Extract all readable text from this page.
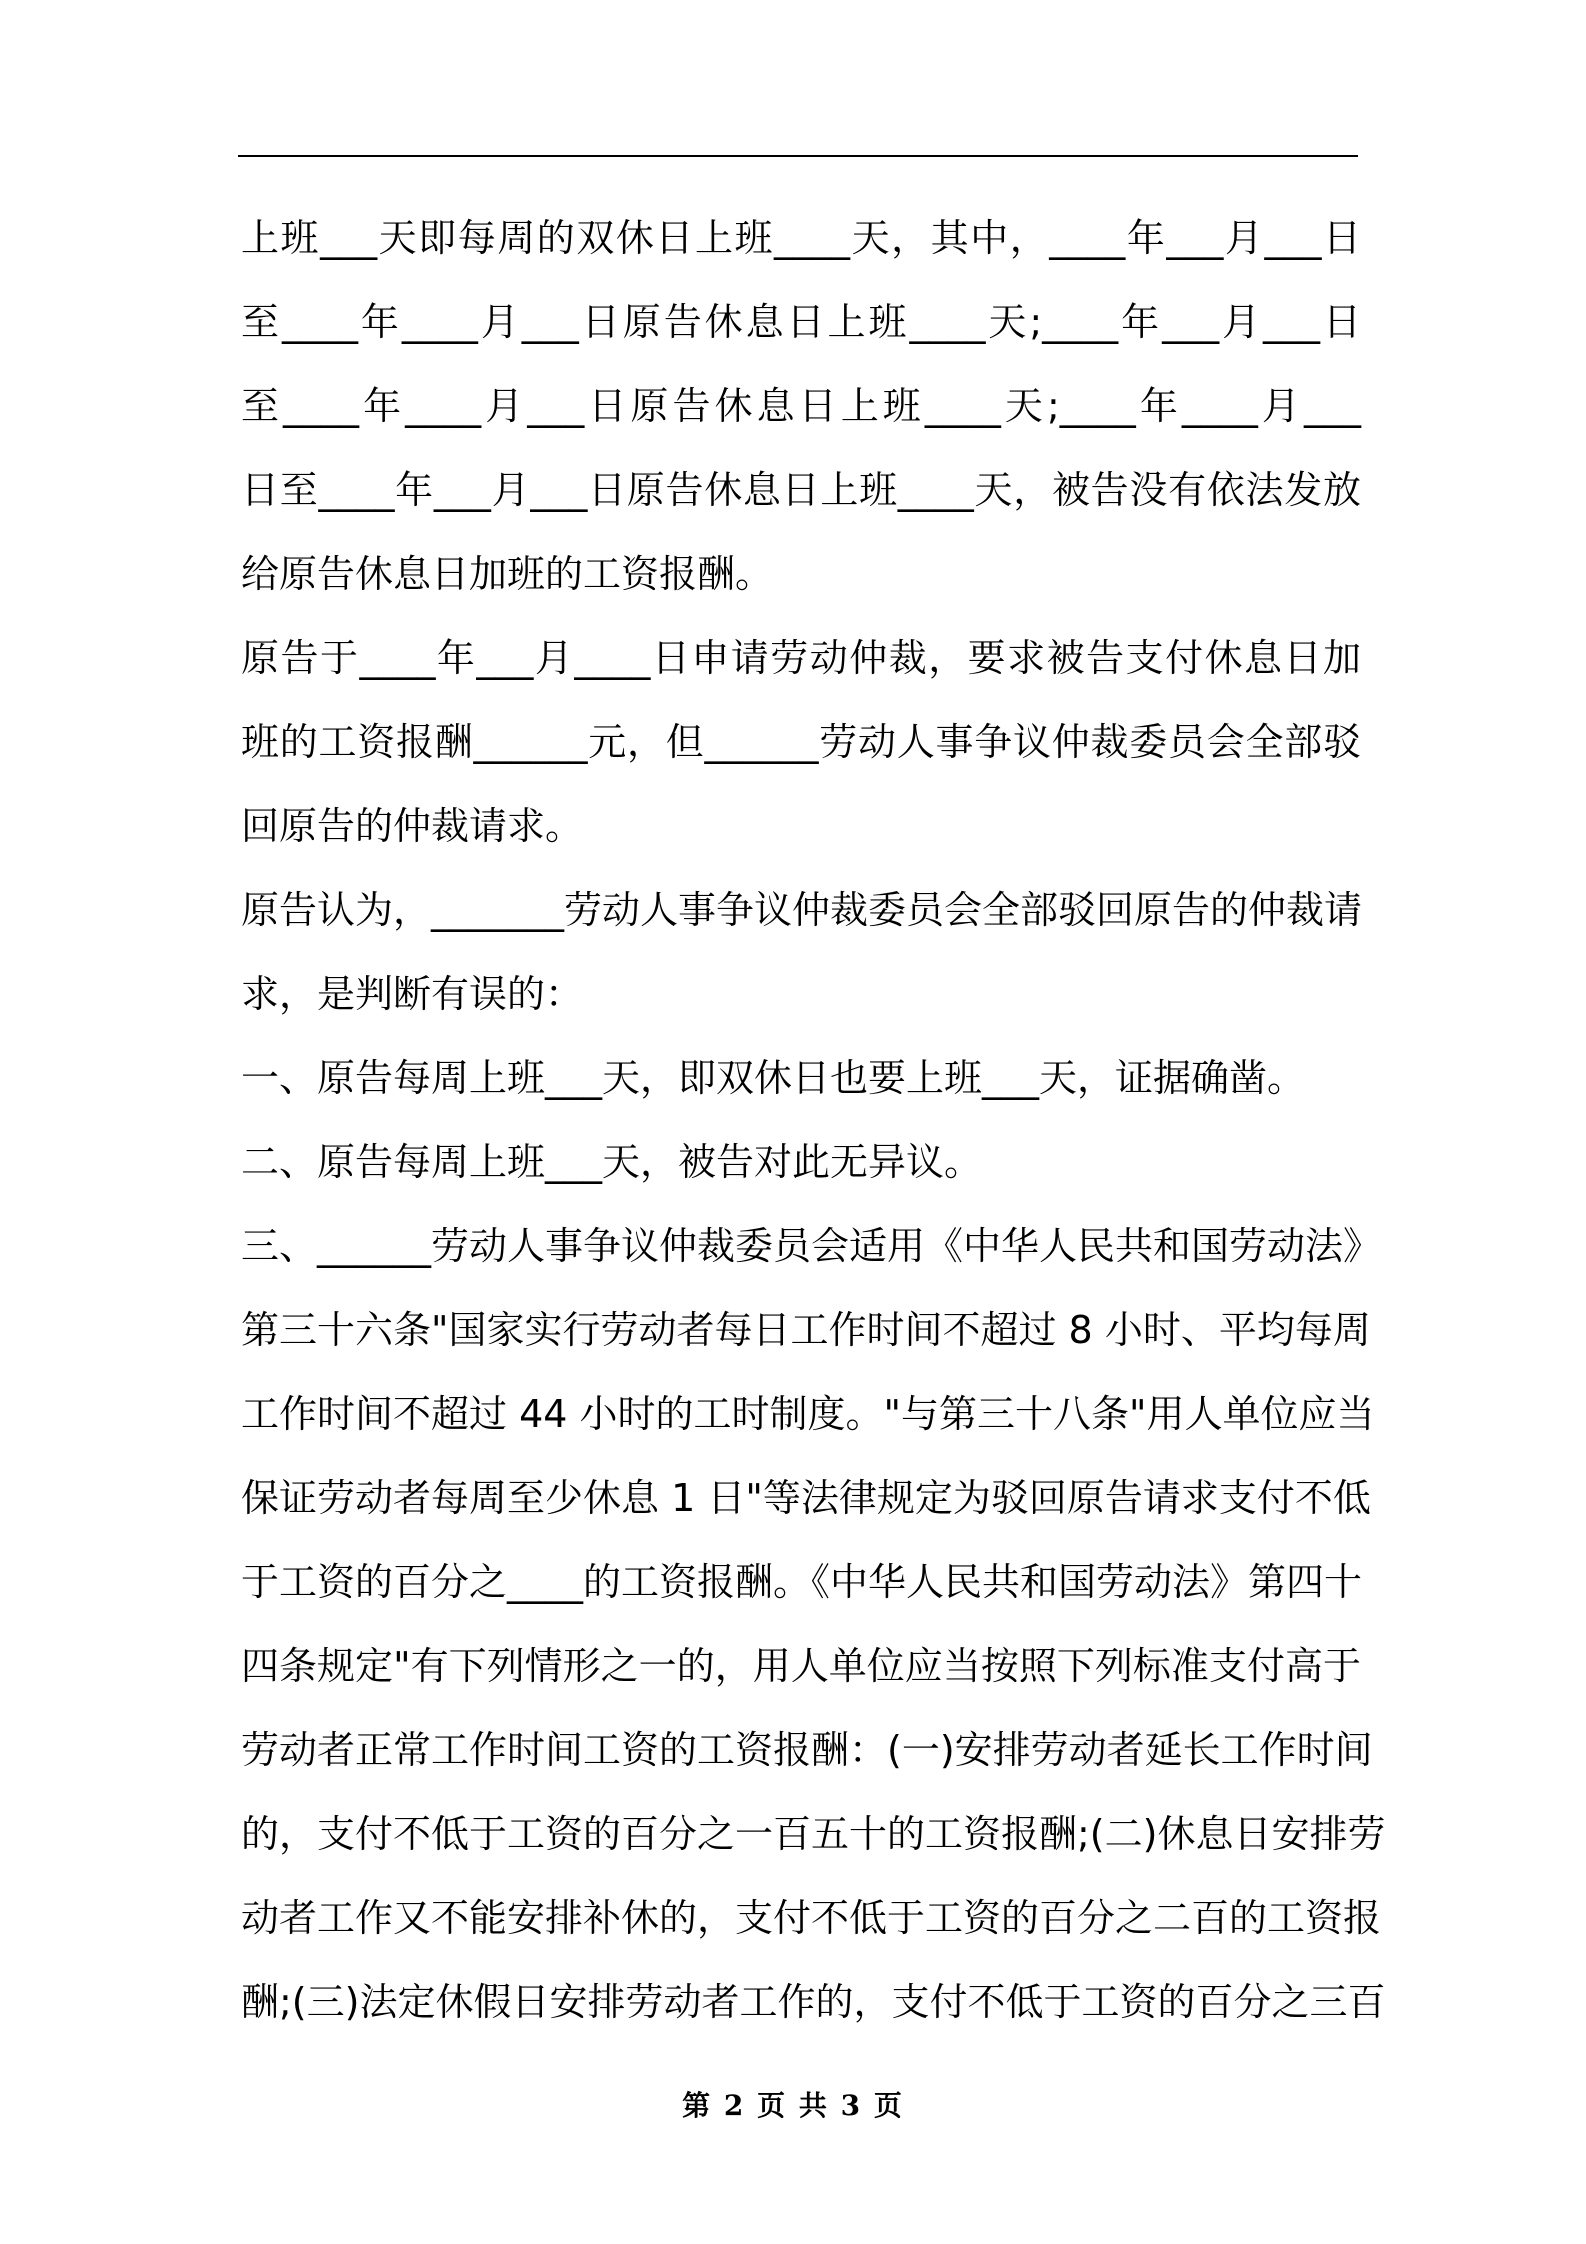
上班___天即每周的双休日上班____天，其中，____年___月___日
至____年____月___日原告休息日上班____天;____年___月___日
至____年____月___日原告休息日上班____天;____年____月___
日至____年___月___日原告休息日上班____天，被告没有依法发放
给原告休息日加班的工资报酬。
原告于____年___月____日申请劳动仲裁，要求被告支付休息日加
班的工资报酬______元，但______劳动人事争议仲裁委员会全部驳
回原告的仲裁请求。
原告认为，_______劳动人事争议仲裁委员会全部驳回原告的仲裁请
求，是判断有误的：
一、原告每周上班___天，即双休日也要上班___天，证据确凿。
二、原告每周上班___天，被告对此无异议。
三、______劳动人事争议仲裁委员会适用《中华人民共和国劳动法》
第三十六条"国家实行劳动者每日工作时间不超过 8 小时、平均每周
工作时间不超过 44 小时的工时制度。"与第三十八条"用人单位应当
保证劳动者每周至少休息 1 日"等法律规定为驳回原告请求支付不低
于工资的百分之____的工资报酬。《中华人民共和国劳动法》第四十
四条规定"有下列情形之一的，用人单位应当按照下列标准支付高于
劳动者正常工作时间工资的工资报酬：(一)安排劳动者延长工作时间
的，支付不低于工资的百分之一百五十的工资报酬;(二)休息日安排劳
动者工作又不能安排补休的，支付不低于工资的百分之二百的工资报
酬;(三)法定休假日安排劳动者工作的，支付不低于工资的百分之三百
第 2 页 共 3 页
